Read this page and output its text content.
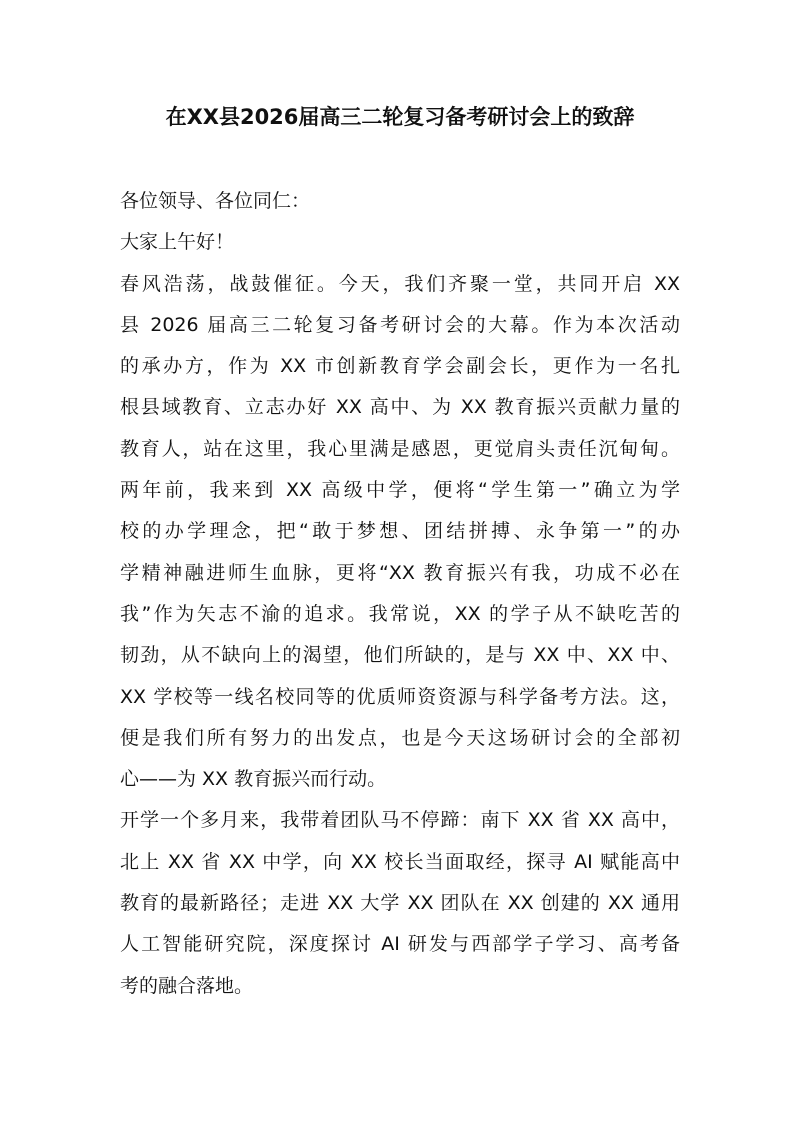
在XX县2026届高三二轮复习备考研讨会上的致辞
各位领导、各位同仁：
大家上午好！
春风浩荡，战鼓催征。今天，我们齐聚一堂，共同开启 XX
县 2026 届高三二轮复习备考研讨会的大幕。作为本次活动
的承办方，作为 XX 市创新教育学会副会长，更作为一名扎
根县域教育、立志办好 XX 高中、为 XX 教育振兴贡献力量的
教育人，站在这里，我心里满是感恩，更觉肩头责任沉甸甸。
两年前，我来到 XX 高级中学，便将“学生第一”确立为学
校的办学理念，把“敢于梦想、团结拼搏、永争第一”的办
学精神融进师生血脉，更将“XX 教育振兴有我，功成不必在
我”作为矢志不渝的追求。我常说，XX 的学子从不缺吃苦的
韧劲，从不缺向上的渴望，他们所缺的，是与 XX 中、XX 中、
XX 学校等一线名校同等的优质师资资源与科学备考方法。这，
便是我们所有努力的出发点，也是今天这场研讨会的全部初
心——为 XX 教育振兴而行动。
开学一个多月来，我带着团队马不停蹄：南下 XX 省 XX 高中，
北上 XX 省 XX 中学，向 XX 校长当面取经，探寻 AI 赋能高中
教育的最新路径；走进 XX 大学 XX 团队在 XX 创建的 XX 通用
人工智能研究院，深度探讨 AI 研发与西部学子学习、高考备
考的融合落地。
